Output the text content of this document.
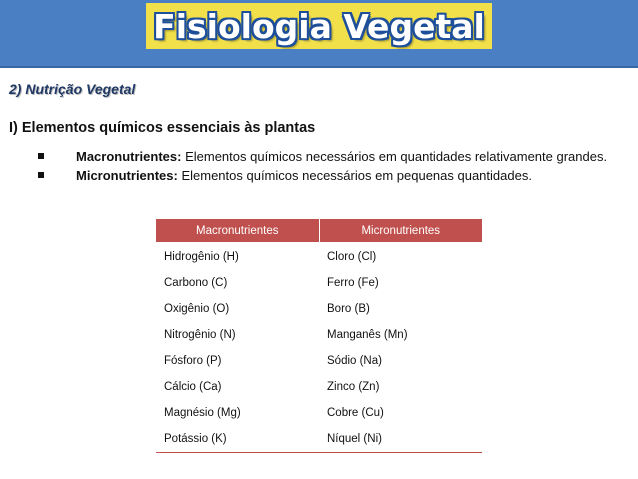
Fisiologia Vegetal
2) Nutrição Vegetal
I) Elementos químicos essenciais às plantas
Macronutrientes: Elementos químicos necessários em quantidades relativamente grandes.
Micronutrientes: Elementos químicos necessários em pequenas quantidades.
Macronutrientes	Micronutrientes
Hidrogênio (H)	Cloro (Cl)
Carbono (C)	Ferro (Fe)
Oxigênio (O)	Boro (B)
Nitrogênio (N)	Manganês (Mn)
Fósforo (P)	Sódio (Na)
Cálcio (Ca)	Zinco (Zn)
Magnésio (Mg)	Cobre (Cu)
Potássio (K)	Níquel (Ni)
